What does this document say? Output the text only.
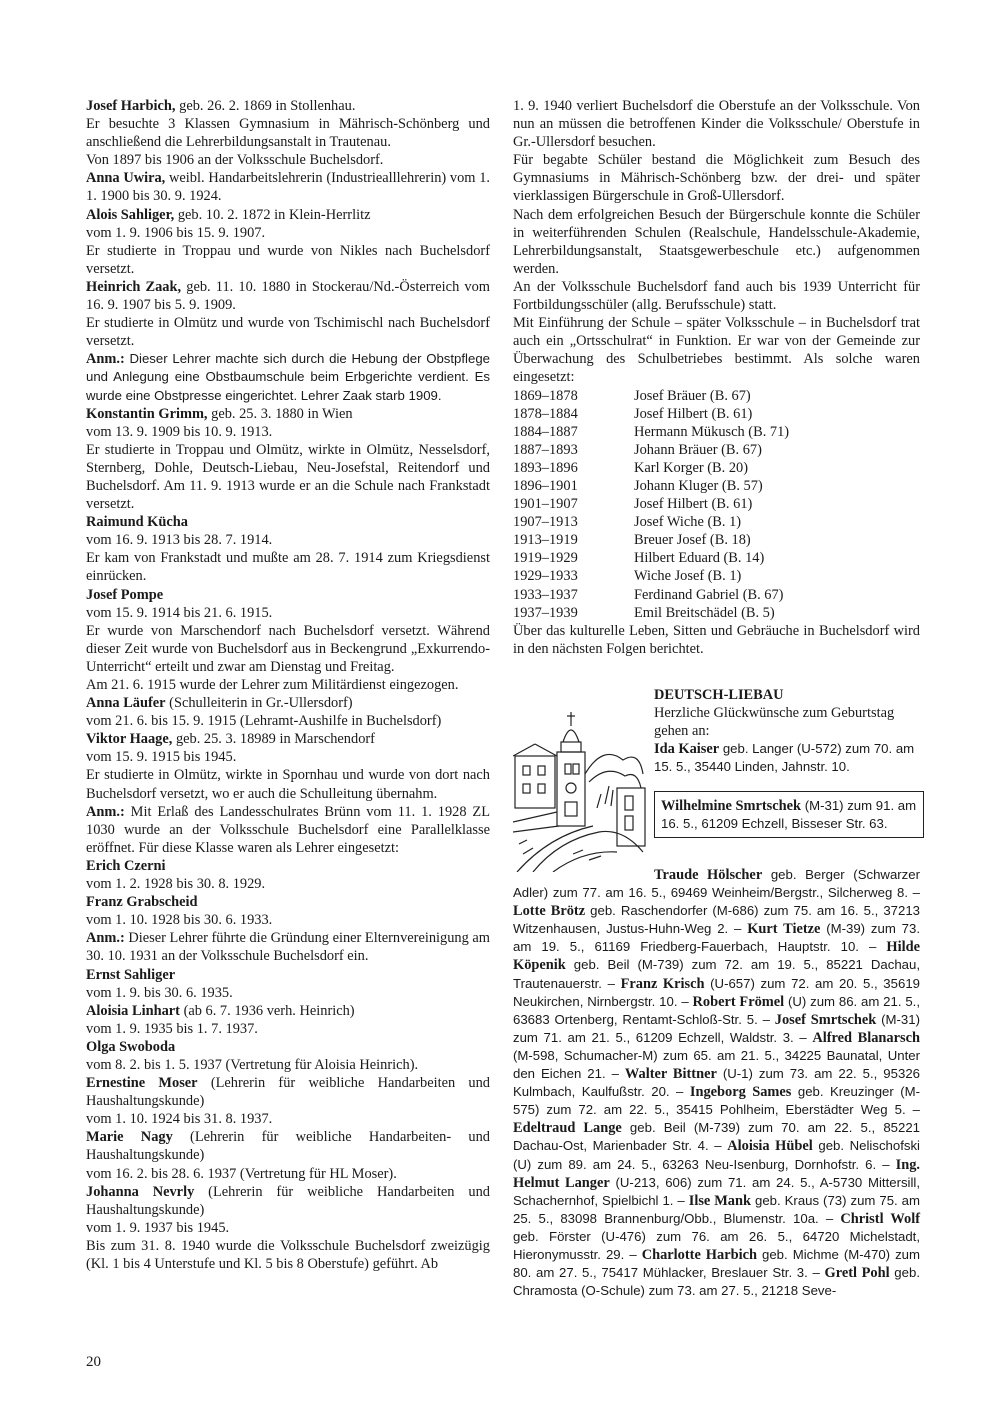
Josef Harbich, geb. 26. 2. 1869 in Stollenhau.

Er besuchte 3 Klassen Gymnasium in Mährisch-Schönberg und anschließend die Lehrerbildungsanstalt in Trautenau.

Von 1897 bis 1906 an der Volksschule Buchelsdorf.

Anna Uwira, weibl. Handarbeitslehrerin (Industriealllehrerin) vom 1. 1. 1900 bis 30. 9. 1924.

Alois Sahliger, geb. 10. 2. 1872 in Klein-Herrlitz

vom 1. 9. 1906 bis 15. 9. 1907.

Er studierte in Troppau und wurde von Nikles nach Buchelsdorf versetzt.

Heinrich Zaak, geb. 11. 10. 1880 in Stockerau/Nd.-Österreich vom 16. 9. 1907 bis 5. 9. 1909.

Er studierte in Olmütz und wurde von Tschimischl nach Buchelsdorf versetzt.

Anm.: Dieser Lehrer machte sich durch die Hebung der Obstpflege und Anlegung eine Obstbaumschule beim Erbgerichte verdient. Es wurde eine Obstpresse eingerichtet. Lehrer Zaak starb 1909.

Konstantin Grimm, geb. 25. 3. 1880 in Wien

vom 13. 9. 1909 bis 10. 9. 1913.

Er studierte in Troppau und Olmütz, wirkte in Olmütz, Nesselsdorf, Sternberg, Dohle, Deutsch-Liebau, Neu-Josefstal, Reitendorf und Buchelsdorf. Am 11. 9. 1913 wurde er an die Schule nach Frankstadt versetzt.

Raimund Kücha

vom 16. 9. 1913 bis 28. 7. 1914.

Er kam von Frankstadt und mußte am 28. 7. 1914 zum Kriegsdienst einrücken.

Josef Pompe

vom 15. 9. 1914 bis 21. 6. 1915.

Er wurde von Marschendorf nach Buchelsdorf versetzt. Während dieser Zeit wurde von Buchelsdorf aus in Beckengrund „Exkurrendo-Unterricht“ erteilt und zwar am Dienstag und Freitag.

Am 21. 6. 1915 wurde der Lehrer zum Militärdienst eingezogen.

Anna Läufer (Schulleiterin in Gr.-Ullersdorf)

vom 21. 6. bis 15. 9. 1915 (Lehramt-Aushilfe in Buchelsdorf)

Viktor Haage, geb. 25. 3. 18989 in Marschendorf

vom 15. 9. 1915 bis 1945.

Er studierte in Olmütz, wirkte in Spornhau und wurde von dort nach Buchelsdorf versetzt, wo er auch die Schulleitung übernahm.

Anm.: Mit Erlaß des Landesschulrates Brünn vom 11. 1. 1928 ZL 1030 wurde an der Volksschule Buchelsdorf eine Parallelklasse eröffnet. Für diese Klasse waren als Lehrer eingesetzt:

Erich Czerni

vom 1. 2. 1928 bis 30. 8. 1929.

Franz Grabscheid

vom 1. 10. 1928 bis 30. 6. 1933.

Anm.: Dieser Lehrer führte die Gründung einer Elternvereinigung am 30. 10. 1931 an der Volksschule Buchelsdorf ein.

Ernst Sahliger

vom 1. 9. bis 30. 6. 1935.

Aloisia Linhart (ab 6. 7. 1936 verh. Heinrich)

vom 1. 9. 1935 bis 1. 7. 1937.

Olga Swoboda

vom 8. 2. bis 1. 5. 1937 (Vertretung für Aloisia Heinrich).

Ernestine Moser (Lehrerin für weibliche Handarbeiten und Haushaltungskunde)

vom 1. 10. 1924 bis 31. 8. 1937.

Marie Nagy (Lehrerin für weibliche Handarbeiten- und Haushaltungskunde)

vom 16. 2. bis 28. 6. 1937 (Vertretung für HL Moser).

Johanna Nevrly (Lehrerin für weibliche Handarbeiten und Haushaltungskunde)

vom 1. 9. 1937 bis 1945.

Bis zum 31. 8. 1940 wurde die Volksschule Buchelsdorf zweizügig (Kl. 1 bis 4 Unterstufe und Kl. 5 bis 8 Oberstufe) geführt. Ab

1. 9. 1940 verliert Buchelsdorf die Oberstufe an der Volksschule. Von nun an müssen die betroffenen Kinder die Volksschule/ Oberstufe in Gr.-Ullersdorf besuchen.

Für begabte Schüler bestand die Möglichkeit zum Besuch des Gymnasiums in Mährisch-Schönberg bzw. der drei- und später vierklassigen Bürgerschule in Groß-Ullersdorf.

Nach dem erfolgreichen Besuch der Bürgerschule konnte die Schüler in weiterführenden Schulen (Realschule, Handelsschule-Akademie, Lehrerbildungsanstalt, Staatsgewerbeschule etc.) aufgenommen werden.

An der Volksschule Buchelsdorf fand auch bis 1939 Unterricht für Fortbildungsschüler (allg. Berufsschule) statt.

Mit Einführung der Schule – später Volksschule – in Buchelsdorf trat auch ein „Ortsschulrat“ in Funktion. Er war von der Gemeinde zur Überwachung des Schulbetriebes bestimmt. Als solche waren eingesetzt:

1869–1878	Josef Bräuer (B. 67)
1878–1884	Josef Hilbert (B. 61)
1884–1887	Hermann Mükusch (B. 71)
1887–1893	Johann Bräuer (B. 67)
1893–1896	Karl Korger (B. 20)
1896–1901	Johann Kluger (B. 57)
1901–1907	Josef Hilbert (B. 61)
1907–1913	Josef Wiche (B. 1)
1913–1919	Breuer Josef (B. 18)
1919–1929	Hilbert Eduard (B. 14)
1929–1933	Wiche Josef (B. 1)
1933–1937	Ferdinand Gabriel (B. 67)
1937–1939	Emil Breitschädel (B. 5)

Über das kulturelle Leben, Sitten und Gebräuche in Buchelsdorf wird in den nächsten Folgen berichtet.

DEUTSCH-LIEBAU
Herzliche Glückwünsche zum Geburtstag gehen an:
Ida Kaiser geb. Langer (U-572) zum 70. am 15. 5., 35440 Linden, Jahnstr. 10.
Wilhelmine Smrtschek (M-31) zum 91. am 16. 5., 61209 Echzell, Bisseser Str. 63.
Traude Hölscher geb. Berger (Schwarzer Adler) zum 77. am 16. 5., 69469 Weinheim/Bergstr., Silcherweg 8. – Lotte Brötz geb. Raschendorfer (M-686) zum 75. am 16. 5., 37213 Witzenhausen, Justus-Huhn-Weg 2. – Kurt Tietze (M-39) zum 73. am 19. 5., 61169 Friedberg-Fauerbach, Hauptstr. 10. – Hilde Köpenik geb. Beil (M-739) zum 72. am 19. 5., 85221 Dachau, Trautenauerstr. – Franz Krisch (U-657) zum 72. am 20. 5., 35619 Neukirchen, Nirnbergstr. 10. – Robert Frömel (U) zum 86. am 21. 5., 63683 Ortenberg, Rentamt-Schloß-Str. 5. – Josef Smrtschek (M-31) zum 71. am 21. 5., 61209 Echzell, Waldstr. 3. – Alfred Blanarsch (M-598, Schumacher-M) zum 65. am 21. 5., 34225 Baunatal, Unter den Eichen 21. – Walter Bittner (U-1) zum 73. am 22. 5., 95326 Kulmbach, Kaulfußstr. 20. – Ingeborg Sames geb. Kreuzinger (M-575) zum 72. am 22. 5., 35415 Pohlheim, Eberstädter Weg 5. – Edeltraud Lange geb. Beil (M-739) zum 70. am 22. 5., 85221 Dachau-Ost, Marienbader Str. 4. – Aloisia Hübel geb. Nelischofski (U) zum 89. am 24. 5., 63263 Neu-Isenburg, Dornhofstr. 6. – Ing. Helmut Langer (U-213, 606) zum 71. am 24. 5., A-5730 Mittersill, Schachernhof, Spielbichl 1. – Ilse Mank geb. Kraus (73) zum 75. am 25. 5., 83098 Brannenburg/Obb., Blumenstr. 10a. – Christl Wolf geb. Förster (U-476) zum 76. am 26. 5., 64720 Michelstadt, Hieronymusstr. 29. – Charlotte Harbich geb. Michme (M-470) zum 80. am 27. 5., 75417 Mühlacker, Breslauer Str. 3. – Gretl Pohl geb. Chramosta (O-Schule) zum 73. am 27. 5., 21218 Seve-
20
